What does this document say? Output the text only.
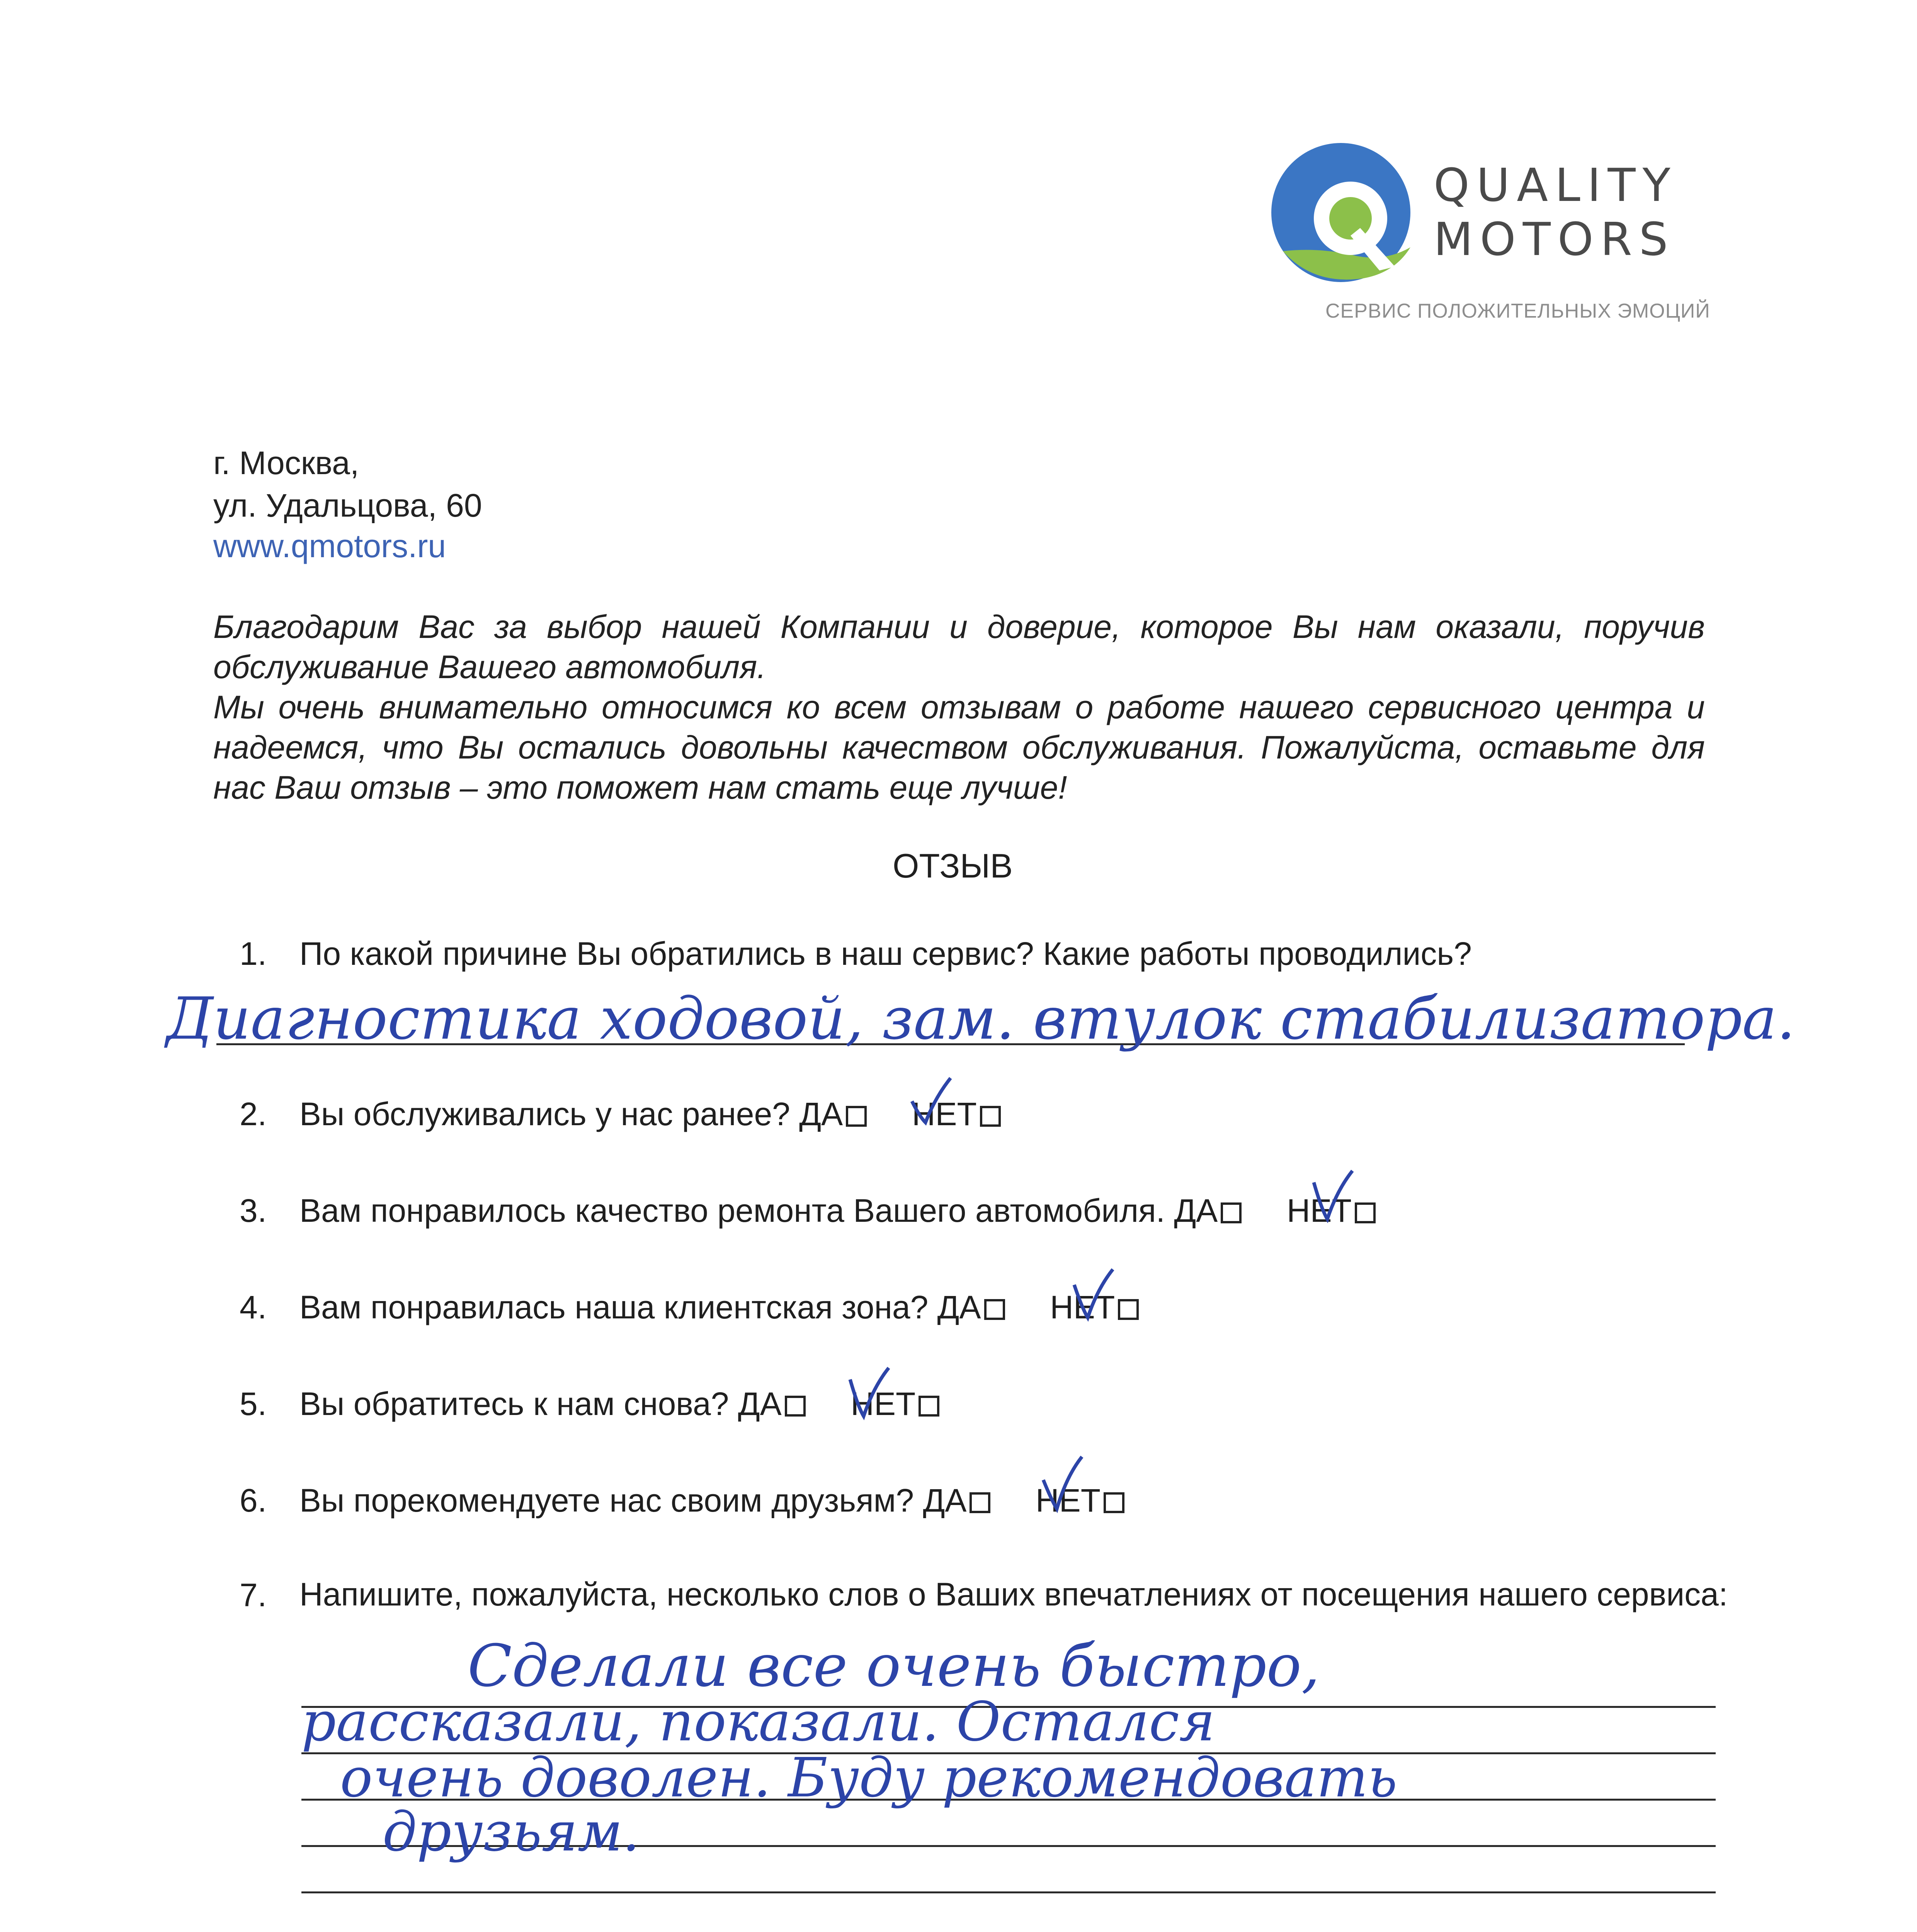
QUALITY
MOTORS
СЕРВИС ПОЛОЖИТЕЛЬНЫХ ЭМОЦИЙ
г. Москва,
ул. Удальцова, 60
www.qmotors.ru

Благодарим Вас за выбор нашей Компании и доверие, которое Вы нам оказали, поручив обслуживание Вашего автомобиля.

Мы очень внимательно относимся ко всем отзывам о работе нашего сервисного центра и надеемся, что Вы остались довольны качеством обслуживания. Пожалуйста, оставьте для нас Ваш отзыв – это поможет нам стать еще лучше!

ОТЗЫВ
1. По какой причине Вы обратились в наш сервис? Какие работы проводились?
Диагностика ходовой, зам. втулок стабилизатора.
2. Вы обслуживались у нас ранее? ДА НЕТ
3. Вам понравилось качество ремонта Вашего автомобиля. ДА НЕТ
4. Вам понравилась наша клиентская зона? ДА НЕТ
5. Вы обратитесь к нам снова? ДА НЕТ
6. Вы порекомендуете нас своим друзьям? ДА НЕТ
7. Напишите, пожалуйста, несколько слов о Ваших впечатлениях от посещения нашего сервиса:
Сделали все очень быстро,
рассказали, показали. Остался
очень доволен. Буду рекомендовать
друзьям.
